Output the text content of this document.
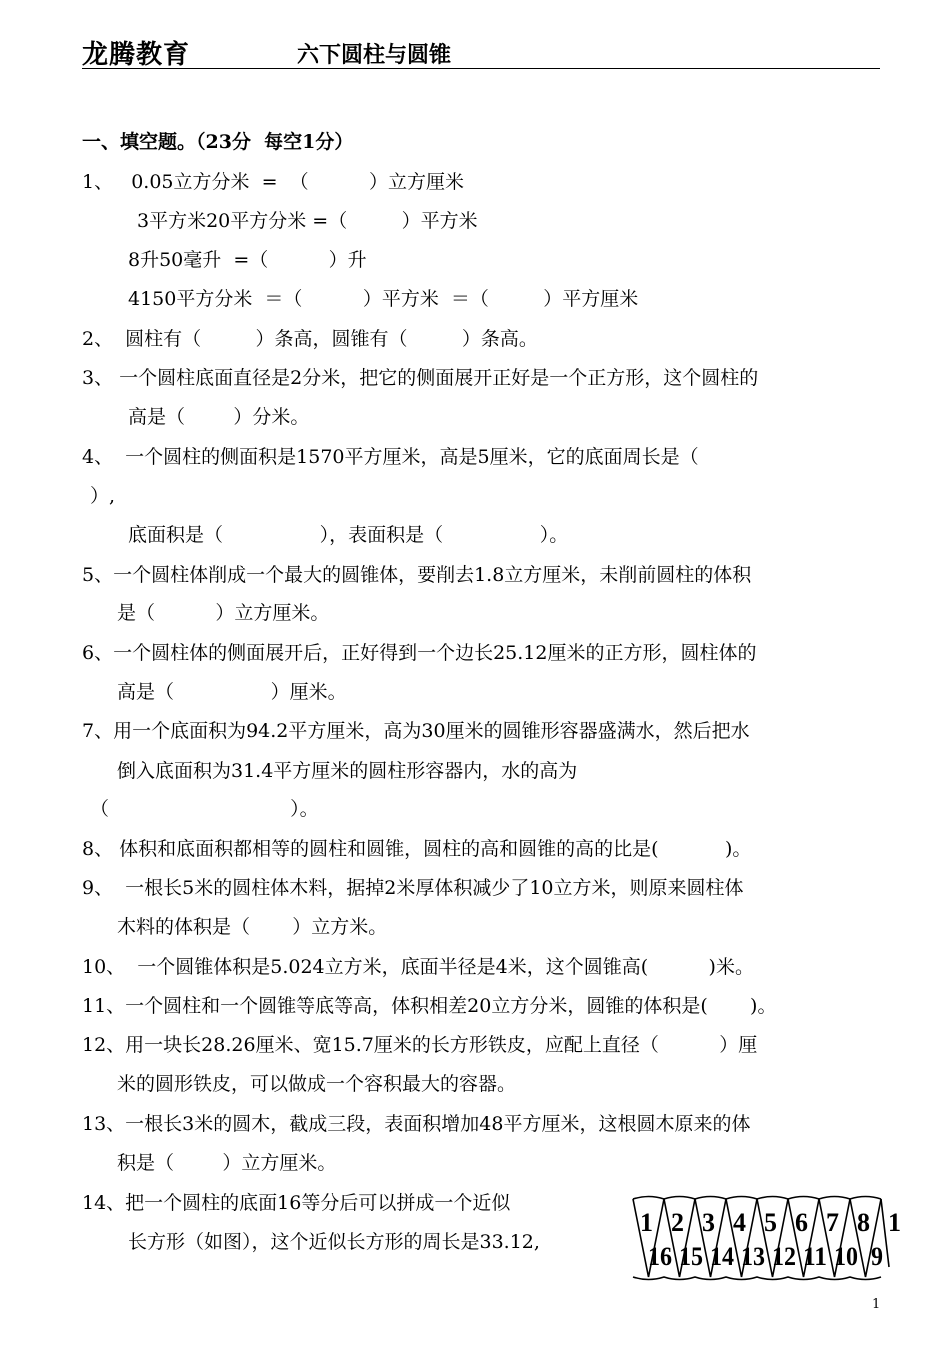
龙腾教育	六下圆柱与圆锥
一、填空题。（23分  每空1分）
1、   0.05立方分米  =  （          ）立方厘米
3平方米20平方分米 =（         ）平方米
8升50毫升  =（          ）升
4150平方分米  ＝（          ）平方米  ＝（         ）平方厘米
2、  圆柱有（         ）条高，圆锥有（         ）条高。
3、 一个圆柱底面直径是2分米，把它的侧面展开正好是一个正方形，这个圆柱的
高是（        ）分米。
4、  一个圆柱的侧面积是1570平方厘米，高是5厘米，它的底面周长是（
）,
底面积是（                ），表面积是（                ）。
5、一个圆柱体削成一个最大的圆锥体，要削去1.8立方厘米，未削前圆柱的体积
是（          ）立方厘米。
6、一个圆柱体的侧面展开后，正好得到一个边长25.12厘米的正方形，圆柱体的
高是（                ）厘米。
7、用一个底面积为94.2平方厘米，高为30厘米的圆锥形容器盛满水，然后把水
倒入底面积为31.4平方厘米的圆柱形容器内，水的高为
（                              ）。
8、 体积和底面积都相等的圆柱和圆锥，圆柱的高和圆锥的高的比是(           )。
9、  一根长5米的圆柱体木料，据掉2米厚体积减少了10立方米，则原来圆柱体
木料的体积是（       ）立方米。
10、  一个圆锥体积是5.024立方米，底面半径是4米，这个圆锥高(          )米。
11、一个圆柱和一个圆锥等底等高，体积相差20立方分米，圆锥的体积是(       )。
12、用一块长28.26厘米、宽15.7厘米的长方形铁皮，应配上直径（          ）厘
米的圆形铁皮，可以做成一个容积最大的容器。
13、一根长3米的圆木，截成三段，表面积增加48平方厘米，这根圆木原来的体
积是（        ）立方厘米。
14、把一个圆柱的底面16等分后可以拼成一个近似
长方形（如图），这个近似长方形的周长是33.12,
1 2 3 4 5 6 7 8 1
16 15 14 13 12 11 10 9
1
